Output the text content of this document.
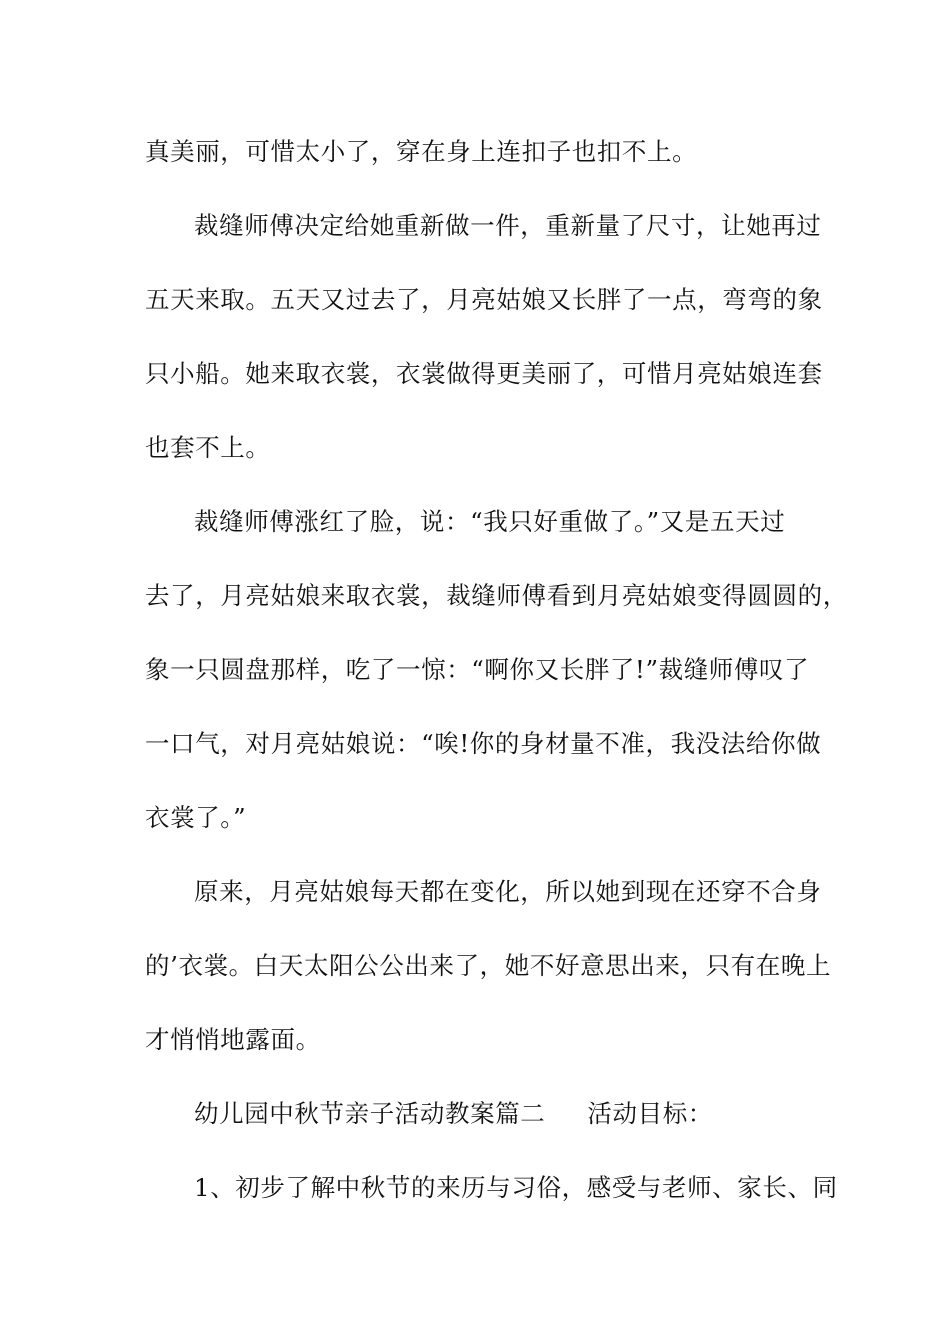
真美丽，可惜太小了，穿在身上连扣子也扣不上。
裁缝师傅决定给她重新做一件，重新量了尺寸，让她再过
五天来取。五天又过去了，月亮姑娘又长胖了一点，弯弯的象
只小船。她来取衣裳，衣裳做得更美丽了，可惜月亮姑娘连套
也套不上。
裁缝师傅涨红了脸，说：“我只好重做了。”又是五天过
去了，月亮姑娘来取衣裳，裁缝师傅看到月亮姑娘变得圆圆的，
象一只圆盘那样，吃了一惊：“啊你又长胖了!”裁缝师傅叹了
一口气，对月亮姑娘说：“唉!你的身材量不准，我没法给你做
衣裳了。”
原来，月亮姑娘每天都在变化，所以她到现在还穿不合身
的’衣裳。白天太阳公公出来了，她不好意思出来，只有在晚上
才悄悄地露面。
幼儿园中秋节亲子活动教案篇二 活动目标：
1、初步了解中秋节的来历与习俗，感受与老师、家长、同
